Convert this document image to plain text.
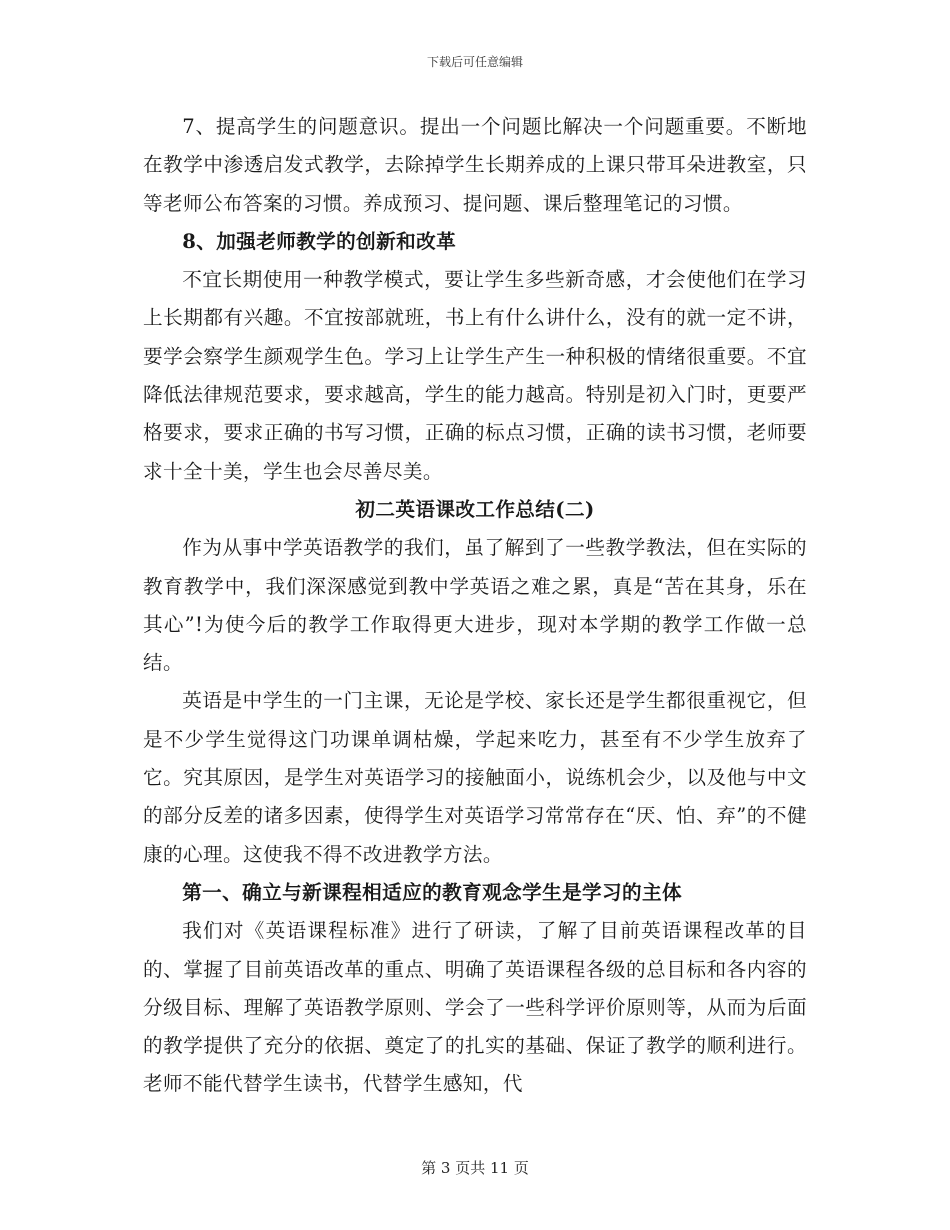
下载后可任意编辑

7、提高学生的问题意识。提出一个问题比解决一个问题重要。不断地在教学中渗透启发式教学，去除掉学生长期养成的上课只带耳朵进教室，只等老师公布答案的习惯。养成预习、提问题、课后整理笔记的习惯。

8、加强老师教学的创新和改革

不宜长期使用一种教学模式，要让学生多些新奇感，才会使他们在学习上长期都有兴趣。不宜按部就班，书上有什么讲什么，没有的就一定不讲，要学会察学生颜观学生色。学习上让学生产生一种积极的情绪很重要。不宜降低法律规范要求，要求越高，学生的能力越高。特别是初入门时，更要严格要求，要求正确的书写习惯，正确的标点习惯，正确的读书习惯，老师要求十全十美，学生也会尽善尽美。

初二英语课改工作总结(二)

作为从事中学英语教学的我们，虽了解到了一些教学教法，但在实际的教育教学中，我们深深感觉到教中学英语之难之累，真是“苦在其身，乐在其心”!为使今后的教学工作取得更大进步，现对本学期的教学工作做一总结。

英语是中学生的一门主课，无论是学校、家长还是学生都很重视它，但是不少学生觉得这门功课单调枯燥，学起来吃力，甚至有不少学生放弃了它。究其原因，是学生对英语学习的接触面小，说练机会少，以及他与中文的部分反差的诸多因素，使得学生对英语学习常常存在“厌、怕、弃”的不健康的心理。这使我不得不改进教学方法。

第一、确立与新课程相适应的教育观念学生是学习的主体

我们对《英语课程标准》进行了研读，了解了目前英语课程改革的目的、掌握了目前英语改革的重点、明确了英语课程各级的总目标和各内容的分级目标、理解了英语教学原则、学会了一些科学评价原则等，从而为后面的教学提供了充分的依据、奠定了的扎实的基础、保证了教学的顺利进行。老师不能代替学生读书，代替学生感知，代

第 3 页共 11 页
